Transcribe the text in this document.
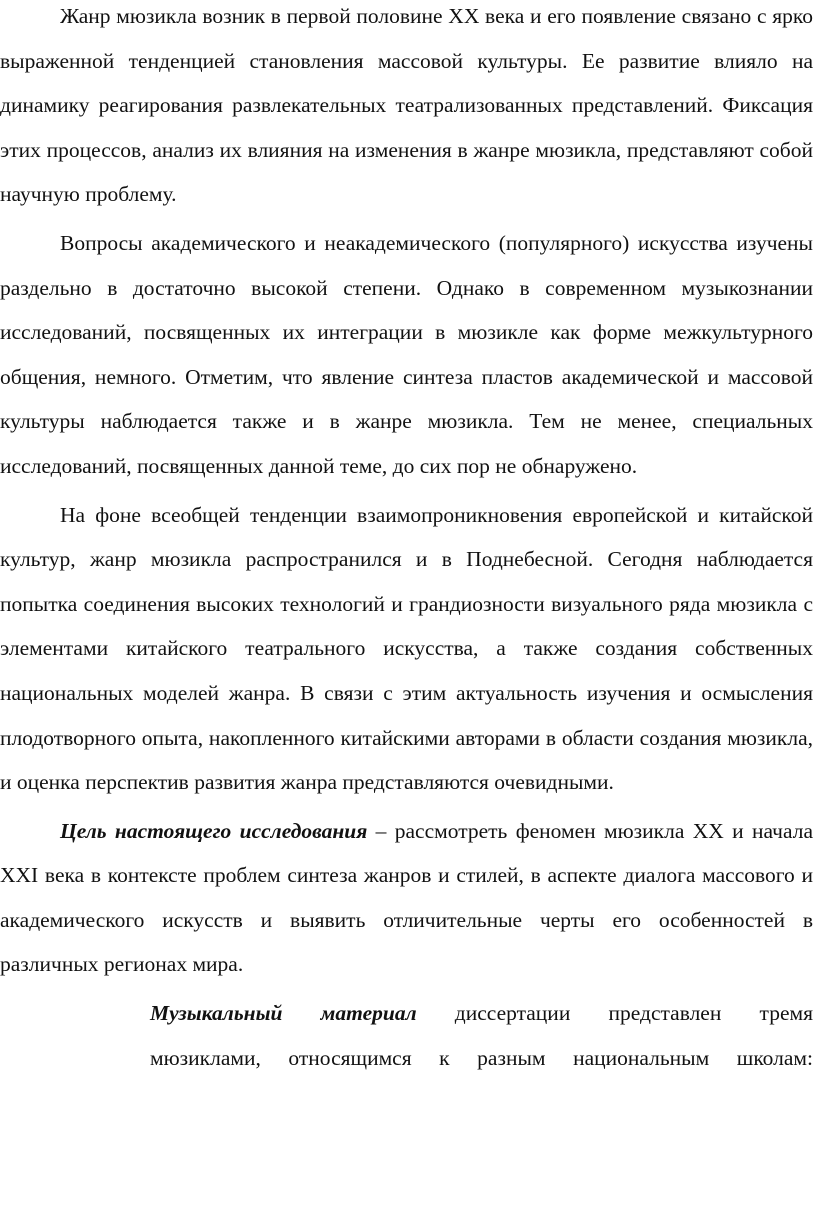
Жанр мюзикла возник в первой половине XX века и его появление связано с ярко выраженной тенденцией становления массовой культуры. Ее развитие влияло на динамику реагирования развлекательных театрализованных представлений. Фиксация этих процессов, анализ их влияния на изменения в жанре мюзикла, представляют собой научную проблему.

Вопросы академического и неакадемического (популярного) искусства изучены раздельно в достаточно высокой степени. Однако в современном музыкознании исследований, посвященных их интеграции в мюзикле как форме межкультурного общения, немного. Отметим, что явление синтеза пластов академической и массовой культуры наблюдается также и в жанре мюзикла. Тем не менее, специальных исследований, посвященных данной теме, до сих пор не обнаружено.

На фоне всеобщей тенденции взаимопроникновения европейской и китайской культур, жанр мюзикла распространился и в Поднебесной. Сегодня наблюдается попытка соединения высоких технологий и грандиозности визуального ряда мюзикла с элементами китайского театрального искусства, а также создания собственных национальных моделей жанра. В связи с этим актуальность изучения и осмысления плодотворного опыта, накопленного китайскими авторами в области создания мюзикла, и оценка перспектив развития жанра представляются очевидными.

Цель настоящего исследования – рассмотреть феномен мюзикла XX и начала XXI века в контексте проблем синтеза жанров и стилей, в аспекте диалога массового и академического искусств и выявить отличительные черты его особенностей в различных регионах мира.

Музыкальный материал диссертации представлен тремя
мюзиклами, относящимся к разным национальным школам:
